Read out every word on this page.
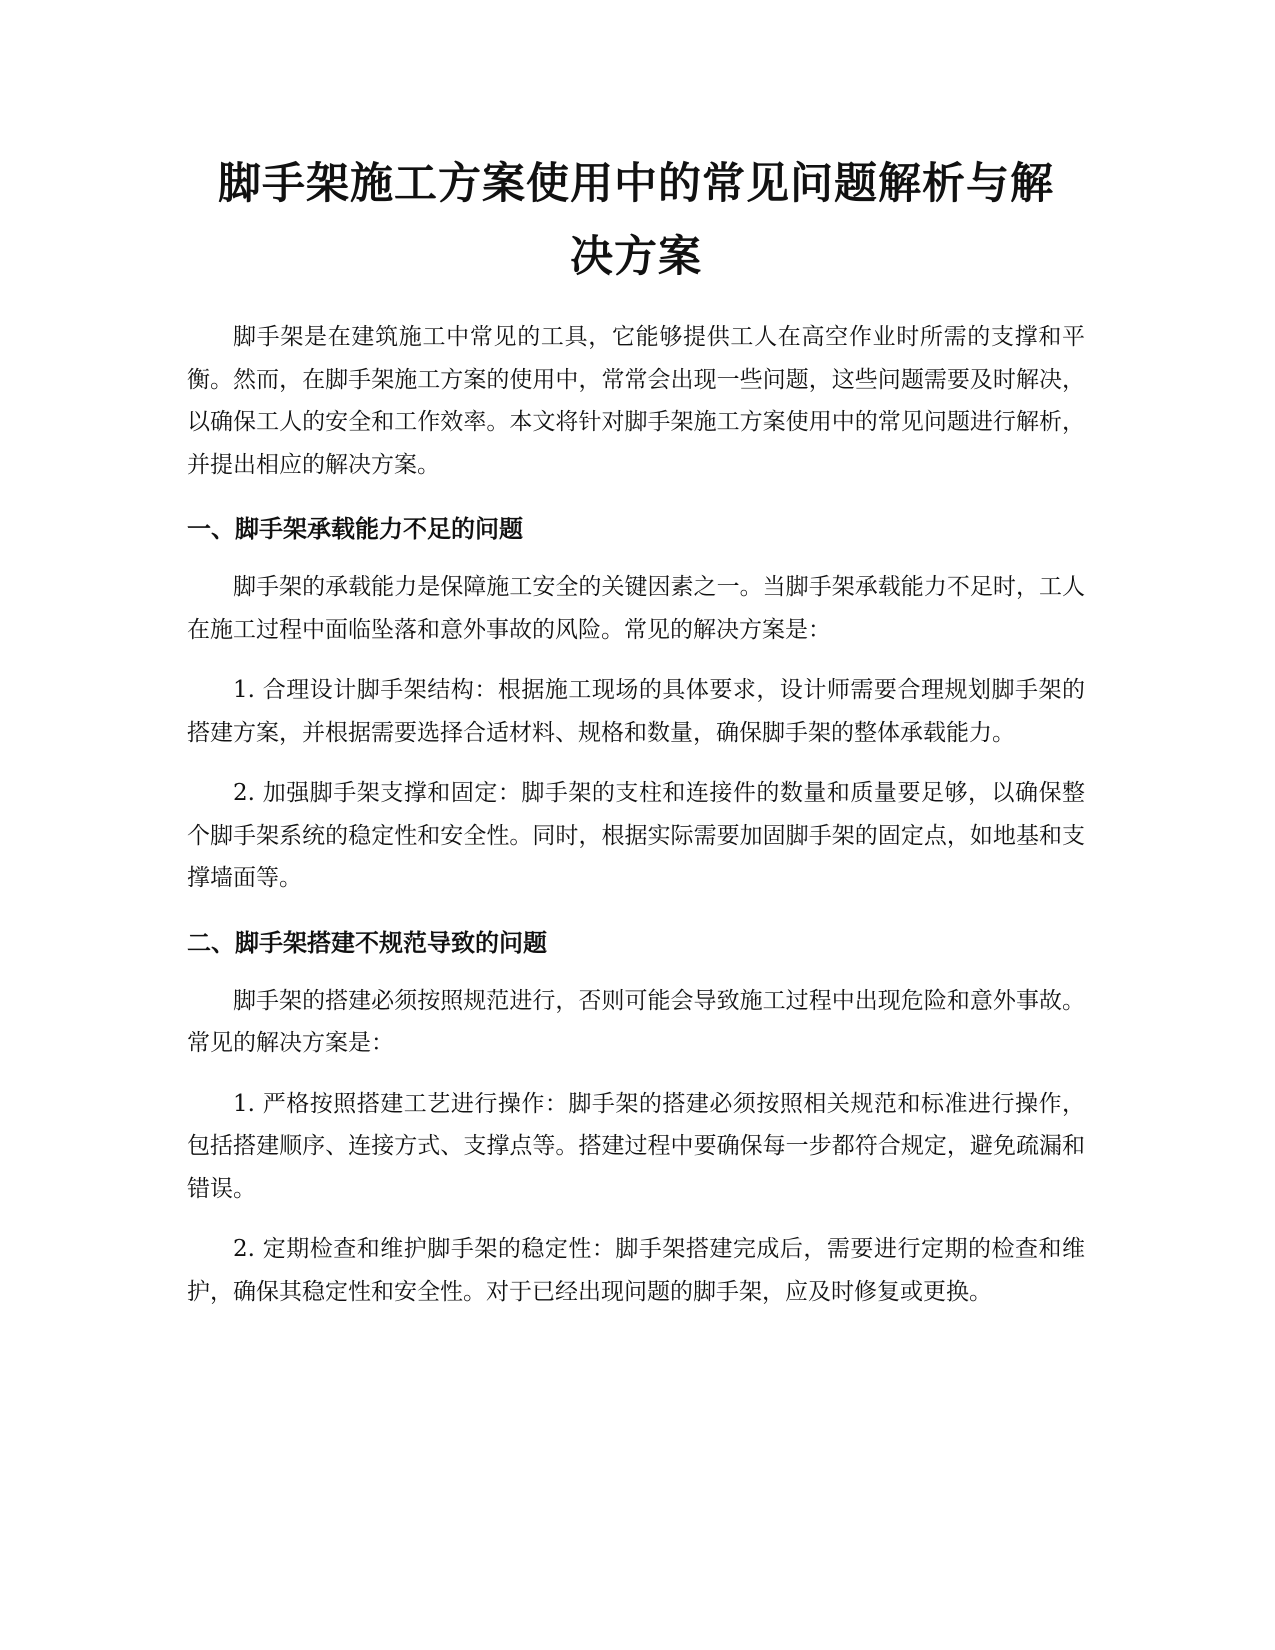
脚手架施工方案使用中的常见问题解析与解
决方案

脚手架是在建筑施工中常见的工具，它能够提供工人在高空作业时所需的支撑和平衡。然而，在脚手架施工方案的使用中，常常会出现一些问题，这些问题需要及时解决，以确保工人的安全和工作效率。本文将针对脚手架施工方案使用中的常见问题进行解析，并提出相应的解决方案。

一、脚手架承载能力不足的问题

脚手架的承载能力是保障施工安全的关键因素之一。当脚手架承载能力不足时，工人在施工过程中面临坠落和意外事故的风险。常见的解决方案是：

1. 合理设计脚手架结构：根据施工现场的具体要求，设计师需要合理规划脚手架的搭建方案，并根据需要选择合适材料、规格和数量，确保脚手架的整体承载能力。

2. 加强脚手架支撑和固定：脚手架的支柱和连接件的数量和质量要足够，以确保整个脚手架系统的稳定性和安全性。同时，根据实际需要加固脚手架的固定点，如地基和支撑墙面等。

二、脚手架搭建不规范导致的问题

脚手架的搭建必须按照规范进行，否则可能会导致施工过程中出现危险和意外事故。常见的解决方案是：

1. 严格按照搭建工艺进行操作：脚手架的搭建必须按照相关规范和标准进行操作，包括搭建顺序、连接方式、支撑点等。搭建过程中要确保每一步都符合规定，避免疏漏和错误。

2. 定期检查和维护脚手架的稳定性：脚手架搭建完成后，需要进行定期的检查和维护，确保其稳定性和安全性。对于已经出现问题的脚手架，应及时修复或更换。
